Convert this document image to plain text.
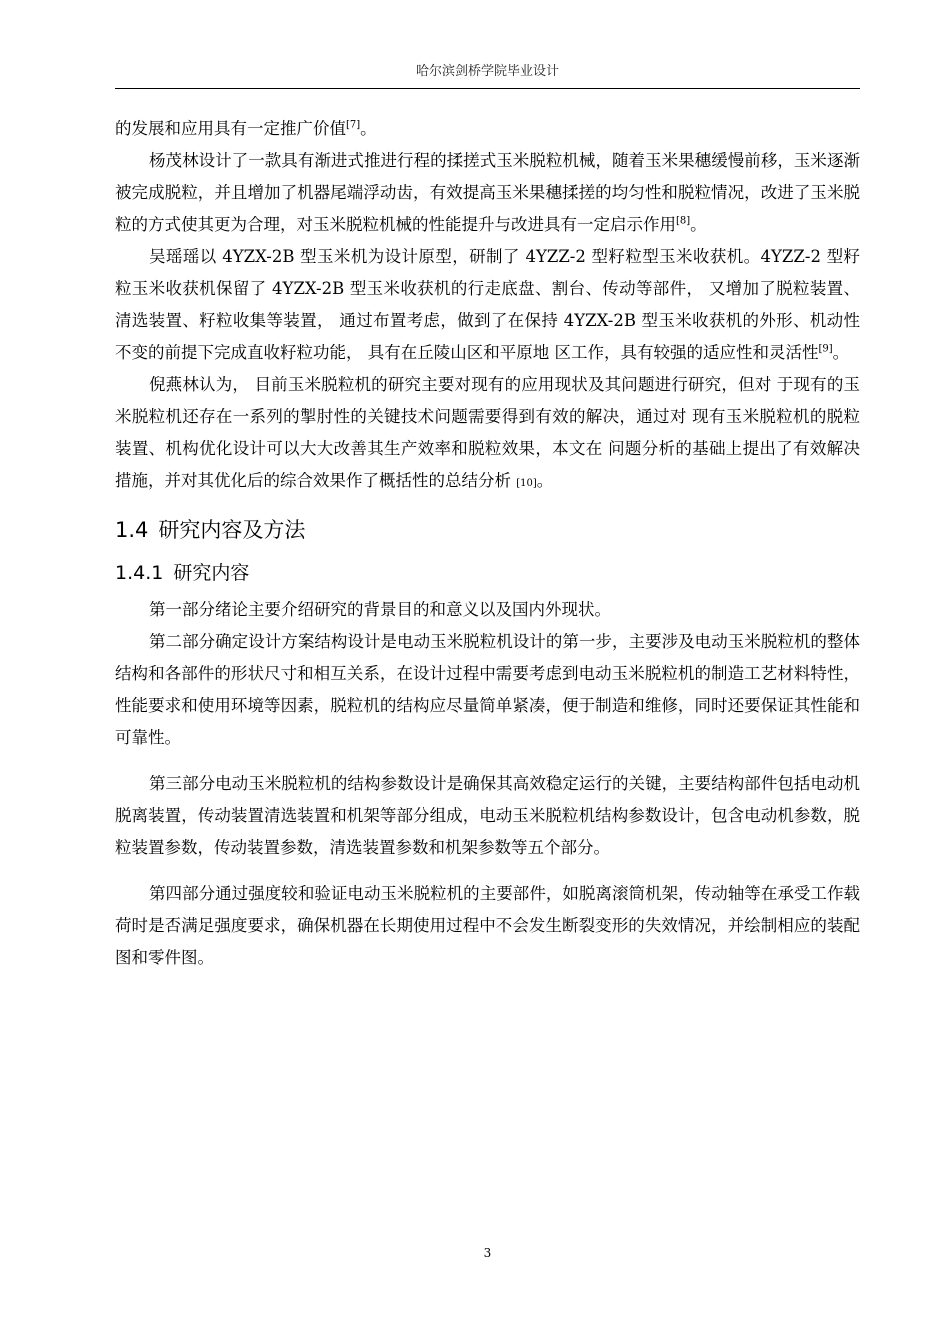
哈尔滨剑桥学院毕业设计

的发展和应用具有一定推广价值[7]。

杨茂林设计了一款具有渐进式推进行程的揉搓式玉米脱粒机械，随着玉米果穗缓慢前移，玉米逐渐被完成脱粒，并且增加了机器尾端浮动齿，有效提高玉米果穗揉搓的均匀性和脱粒情况，改进了玉米脱粒的方式使其更为合理，对玉米脱粒机械的性能提升与改进具有一定启示作用[8]。

吴瑶瑶以 4YZX-2B 型玉米机为设计原型，研制了 4YZZ-2 型籽粒型玉米收获机。4YZZ-2 型籽粒玉米收获机保留了 4YZX-2B 型玉米收获机的行走底盘、割台、传动等部件， 又增加了脱粒装置、清选装置、籽粒收集等装置， 通过布置考虑，做到了在保持 4YZX-2B 型玉米收获机的外形、机动性不变的前提下完成直收籽粒功能， 具有在丘陵山区和平原地 区工作，具有较强的适应性和灵活性[9]。

倪燕林认为， 目前玉米脱粒机的研究主要对现有的应用现状及其问题进行研究，但对 于现有的玉米脱粒机还存在一系列的掣肘性的关键技术问题需要得到有效的解决，通过对 现有玉米脱粒机的脱粒装置、机构优化设计可以大大改善其生产效率和脱粒效果，本文在 问题分析的基础上提出了有效解决措施，并对其优化后的综合效果作了概括性的总结分析 [10]。

1.4 研究内容及方法
1.4.1 研究内容

第一部分绪论主要介绍研究的背景目的和意义以及国内外现状。

第二部分确定设计方案结构设计是电动玉米脱粒机设计的第一步，主要涉及电动玉米脱粒机的整体结构和各部件的形状尺寸和相互关系，在设计过程中需要考虑到电动玉米脱粒机的制造工艺材料特性，性能要求和使用环境等因素，脱粒机的结构应尽量简单紧凑，便于制造和维修，同时还要保证其性能和可靠性。

第三部分电动玉米脱粒机的结构参数设计是确保其高效稳定运行的关键，主要结构部件包括电动机脱离装置，传动装置清选装置和机架等部分组成，电动玉米脱粒机结构参数设计，包含电动机参数，脱粒装置参数，传动装置参数，清选装置参数和机架参数等五个部分。

第四部分通过强度较和验证电动玉米脱粒机的主要部件，如脱离滚筒机架，传动轴等在承受工作载荷时是否满足强度要求，确保机器在长期使用过程中不会发生断裂变形的失效情况，并绘制相应的装配图和零件图。

3
